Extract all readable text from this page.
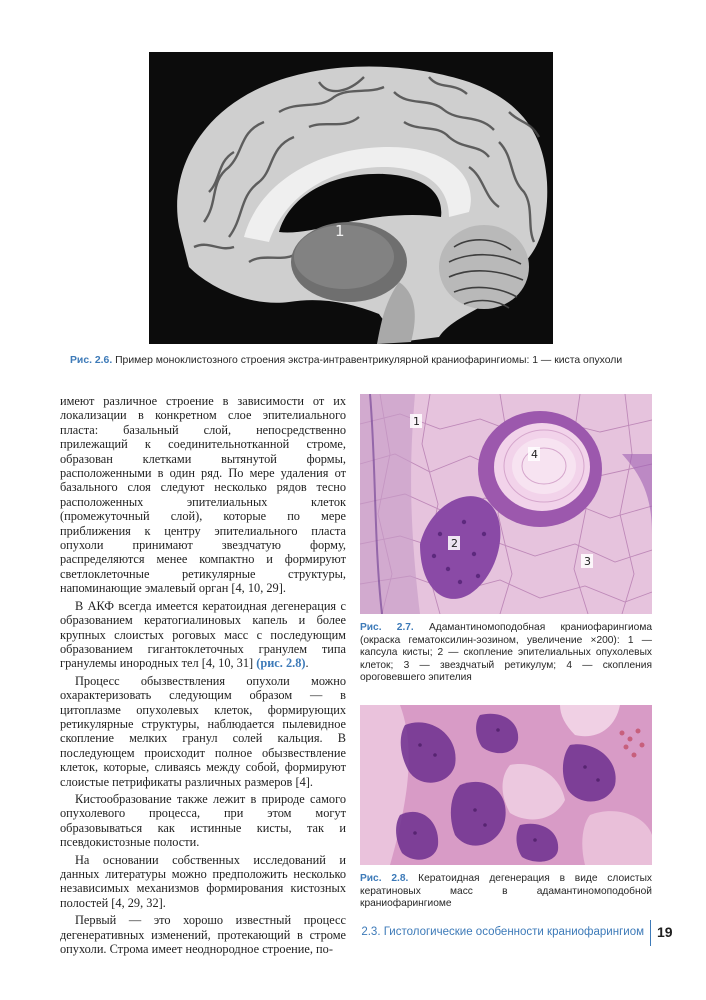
1
Рис. 2.6. Пример моноклистозного строения экстра-интравентрикулярной краниофарингиомы: 1 — киста опухоли

имеют различное строение в зависимости от их локализации в конкретном слое эпителиального пласта: базальный слой, непосредственно прилежащий к соединительнотканной строме, образован клетками вытянутой формы, расположенными в один ряд. По мере удаления от базального слоя следуют несколько рядов тесно расположенных эпителиальных клеток (промежуточный слой), которые по мере приближения к центру эпителиального пласта опухоли принимают звездчатую форму, распределяются менее компактно и формируют светлоклеточные ретикулярные структуры, напоминающие эмалевый орган [4, 10, 29].

В АКФ всегда имеется кератоидная дегенерация с образованием кератогиалиновых капель и более крупных слоистых роговых масс с последующим образованием гигантоклеточных гранулем типа гранулемы инородных тел [4, 10, 31] (рис. 2.8).

Процесс обызвествления опухоли можно охарактеризовать следующим образом — в цитоплазме опухолевых клеток, формирующих ретикулярные структуры, наблюдается пылевидное скопление мелких гранул солей кальция. В последующем происходит полное обызвествление клеток, которые, сливаясь между собой, формируют слоистые петрификаты различных размеров [4].

Кистообразование также лежит в природе самого опухолевого процесса, при этом могут образовываться как истинные кисты, так и псевдокистозные полости.

На основании собственных исследований и данных литературы можно предположить несколько независимых механизмов формирования кистозных полостей [4, 29, 32].

Первый — это хорошо известный процесс дегенеративных изменений, протекающий в строме опухоли. Строма имеет неоднородное строение, по-

1
2
3
4
Рис. 2.7. Адамантиномоподобная краниофарингиома (окраска гематоксилин-эозином, увеличение ×200): 1 — капсула кисты; 2 — скопление эпителиальных опухолевых клеток; 3 — звездчатый ретикулум; 4 — скопления ороговевшего эпителия
Рис. 2.8. Кератоидная дегенерация в виде слоистых кератиновых масс в адамантиномоподобной краниофарингиоме
2.3. Гистологические особенности краниофарингиом 19
